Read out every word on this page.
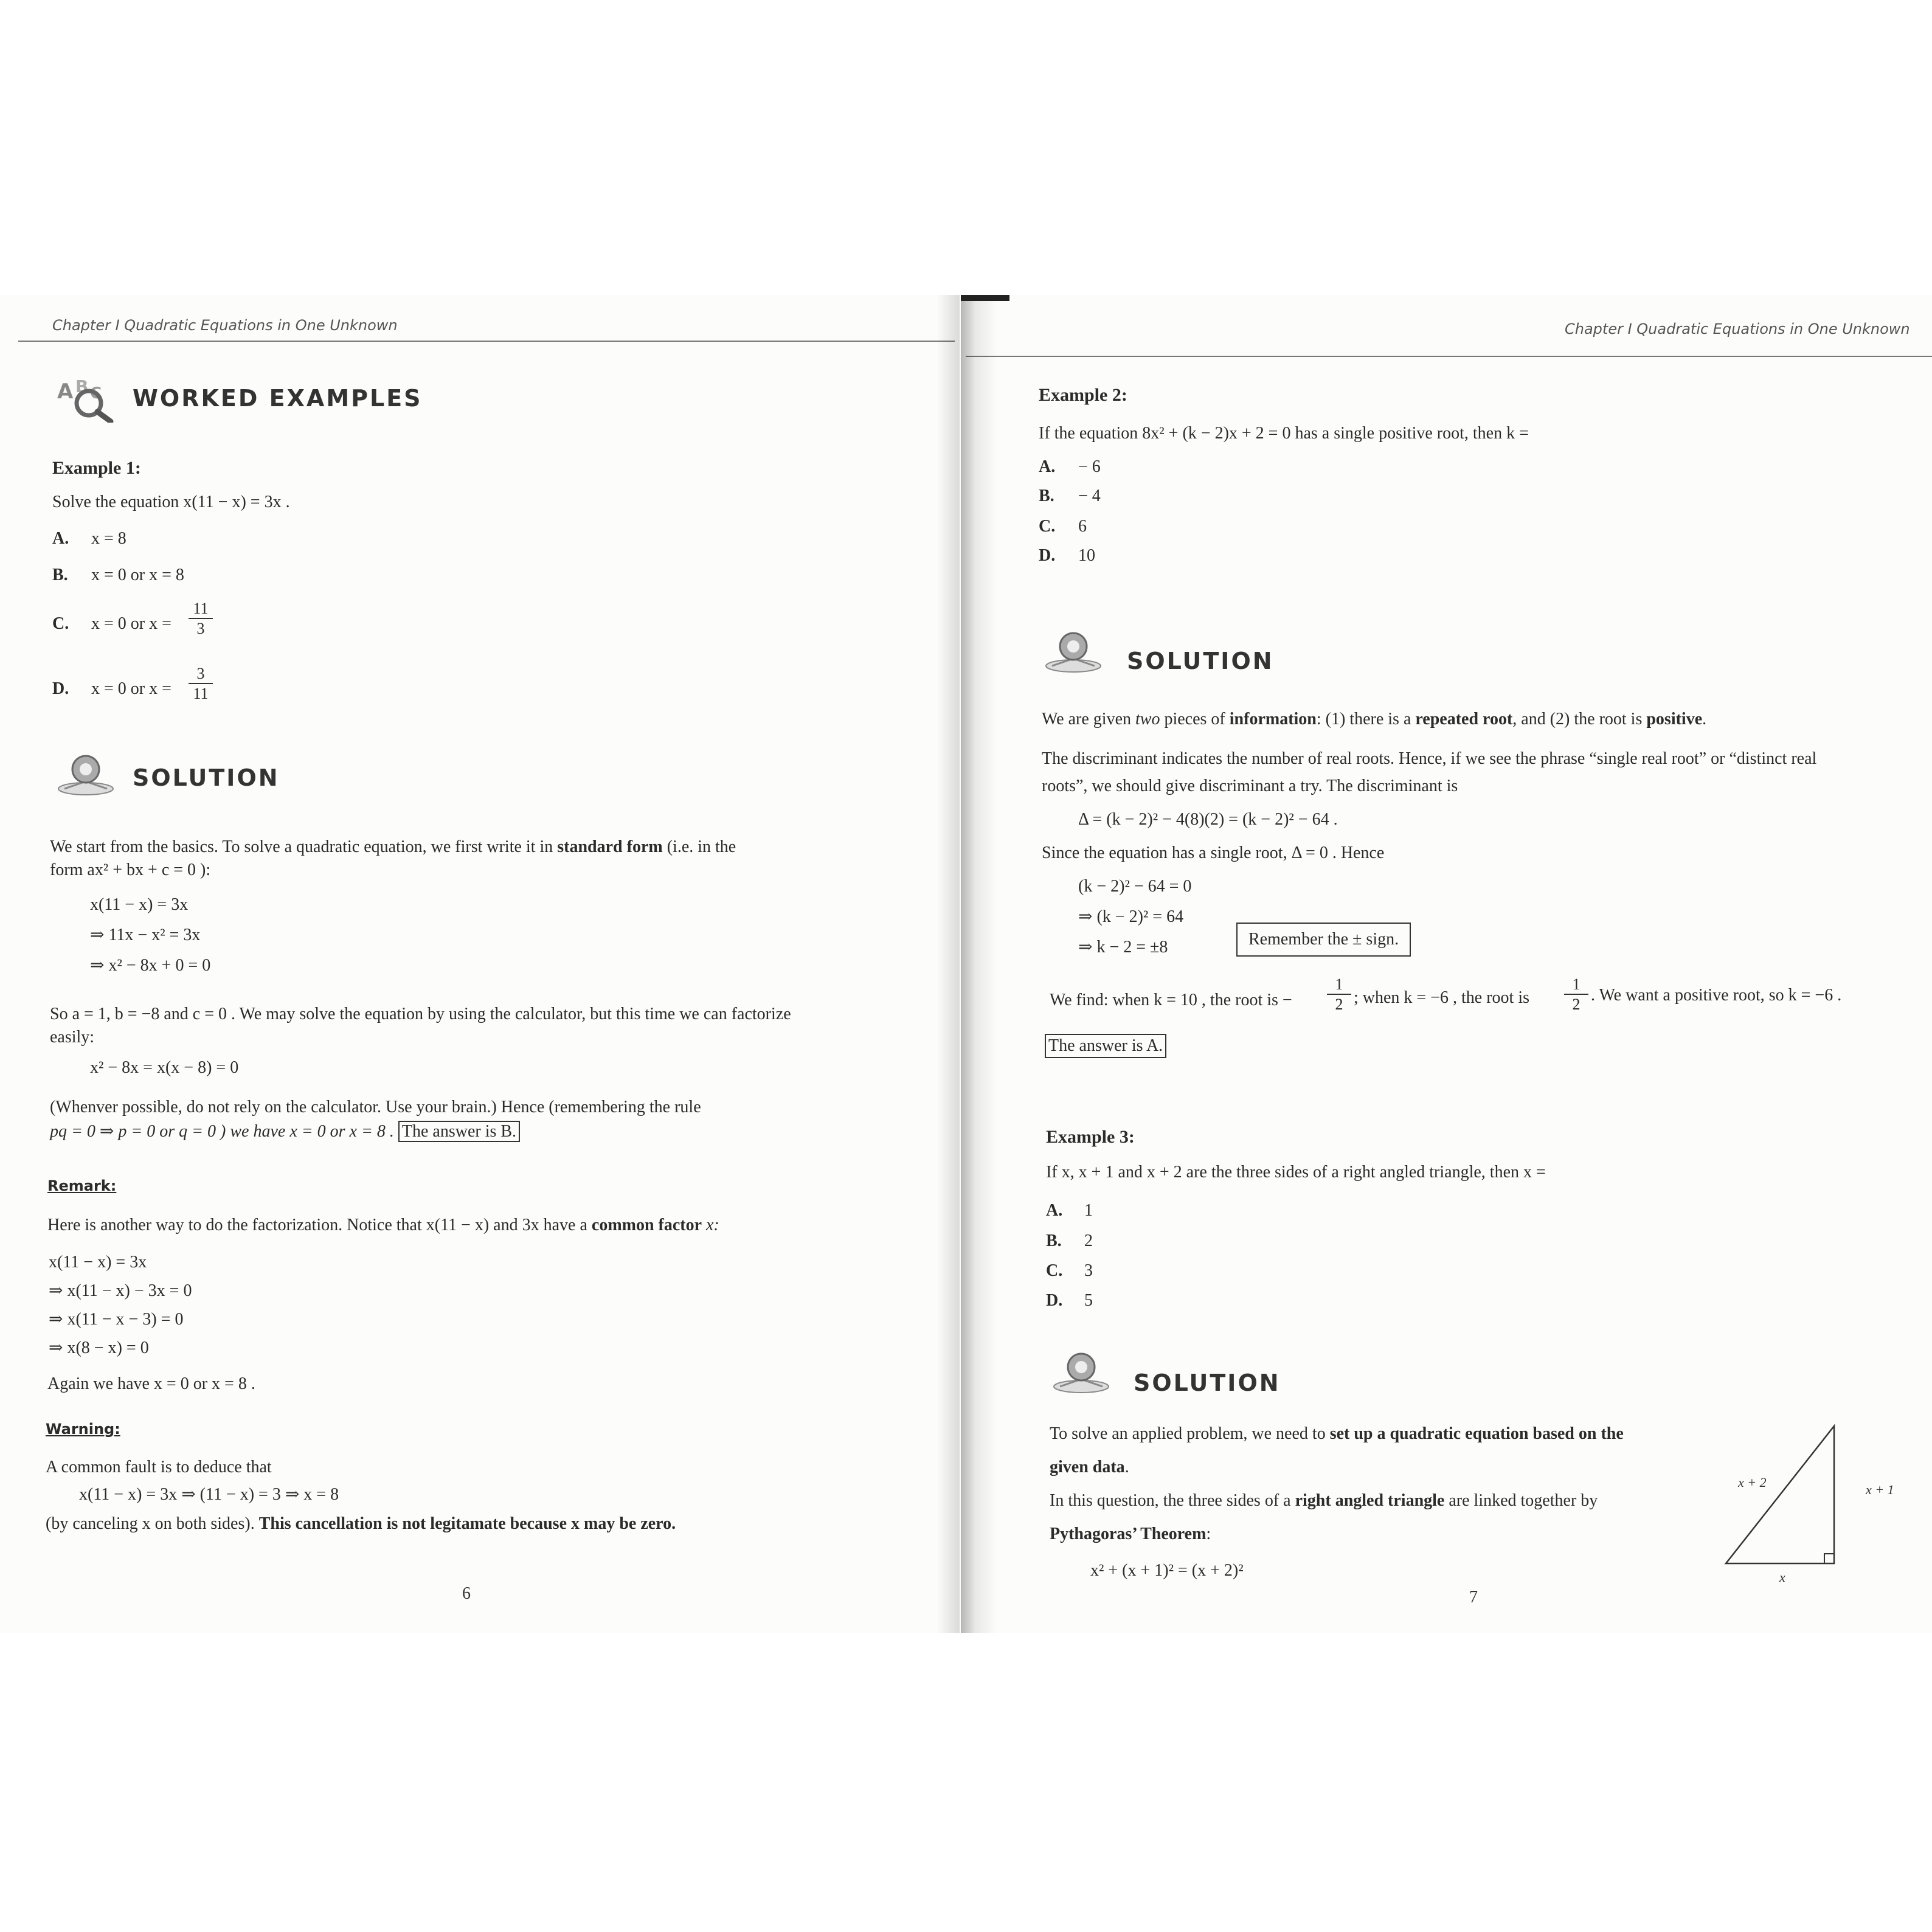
Chapter I Quadratic Equations in One Unknown
A B C WORKED EXAMPLES
Example 1:
Solve the equation x(11 − x) = 3x .
A. x = 8
B. x = 0 or x = 8
C. x = 0 or $x = \frac{11}{3}$
D. x = 0 or $x = \frac{3}{11}$
SOLUTION
We start from the basics. To solve a quadratic equation, we first write it in standard form (i.e. in the
form ax² + bx + c = 0 ):
x(11 − x) = 3x
⇒ 11x − x² = 3x
⇒ x² − 8x + 0 = 0
So a = 1, b = −8 and c = 0 . We may solve the equation by using the calculator, but this time we can factorize
easily:
x² − 8x = x(x − 8) = 0
(Whenver possible, do not rely on the calculator. Use your brain.) Hence (remembering the rule
pq = 0 ⇒ p = 0 or q = 0 ) we have x = 0 or x = 8 . The answer is B.
Remark:
Here is another way to do the factorization. Notice that x(11 − x) and 3x have a common factor x:
x(11 − x) = 3x
⇒ x(11 − x) − 3x = 0
⇒ x(11 − x − 3) = 0
⇒ x(8 − x) = 0
Again we have x = 0 or x = 8 .
Warning:
A common fault is to deduce that
x(11 − x) = 3x ⇒ (11 − x) = 3 ⇒ x = 8
(by canceling x on both sides). This cancellation is not legitamate because x may be zero.
6
Chapter I Quadratic Equations in One Unknown
Example 2:
If the equation 8x² + (k − 2)x + 2 = 0 has a single positive root, then k =
A. − 6
B. − 4
C. 6
D. 10
SOLUTION
We are given two pieces of information: (1) there is a repeated root, and (2) the root is positive.
The discriminant indicates the number of real roots. Hence, if we see the phrase “single real root” or “distinct real
roots”, we should give discriminant a try. The discriminant is
Δ = (k − 2)² − 4(8)(2) = (k − 2)² − 64 .
Since the equation has a single root, Δ = 0 . Hence
(k − 2)² − 64 = 0
⇒ (k − 2)² = 64
⇒ k − 2 = ±8	Remember the ± sign.
We find: when k = 10 , the root is − $\frac{1}{2}$ ; when k = −6 , the root is $\frac{1}{2}$ . We want a positive root, so k = −6 .
The answer is A.
Example 3:
If x, x + 1 and x + 2 are the three sides of a right angled triangle, then x =
A. 1
B. 2
C. 3
D. 5
SOLUTION
To solve an applied problem, we need to set up a quadratic equation based on the
given data.
In this question, the three sides of a right angled triangle are linked together by
Pythagoras’ Theorem:
x² + (x + 1)² = (x + 2)²
x + 2	x + 1
x
7
